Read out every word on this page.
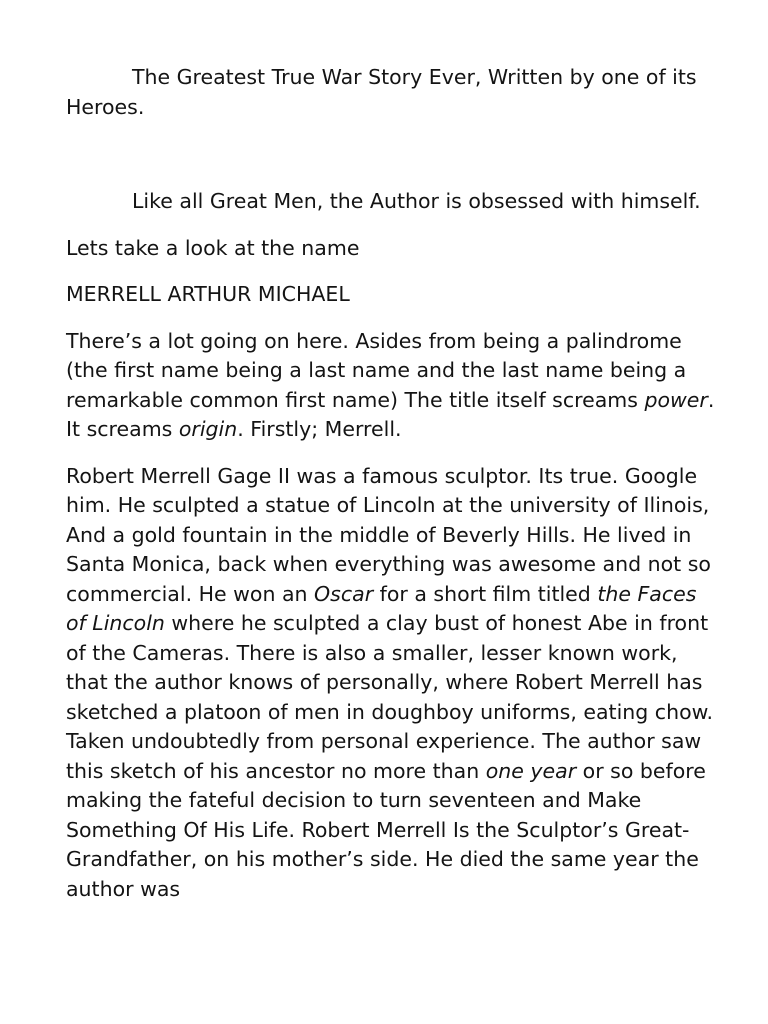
The Greatest True War Story Ever, Written by one of its Heroes.

Like all Great Men, the Author is obsessed with himself.

Lets take a look at the name

MERRELL ARTHUR MICHAEL

There’s a lot going on here. Asides from being a palindrome (the first name being a last name and the last name being a remarkable common first name) The title itself screams power. It screams origin. Firstly; Merrell.

Robert Merrell Gage II was a famous sculptor. Its true. Google him. He sculpted a statue of Lincoln at the university of Ilinois, And a gold fountain in the middle of Beverly Hills. He lived in Santa Monica, back when everything was awesome and not so commercial. He won an Oscar for a short film titled the Faces of Lincoln where he sculpted a clay bust of honest Abe in front of the Cameras. There is also a smaller, lesser known work, that the author knows of personally, where Robert Merrell has sketched a platoon of men in doughboy uniforms, eating chow. Taken undoubtedly from personal experience. The author saw this sketch of his ancestor no more than one year or so before making the fateful decision to turn seventeen and Make Something Of His Life. Robert Merrell Is the Sculptor’s Great-Grandfather, on his mother’s side. He died the same year the author was
